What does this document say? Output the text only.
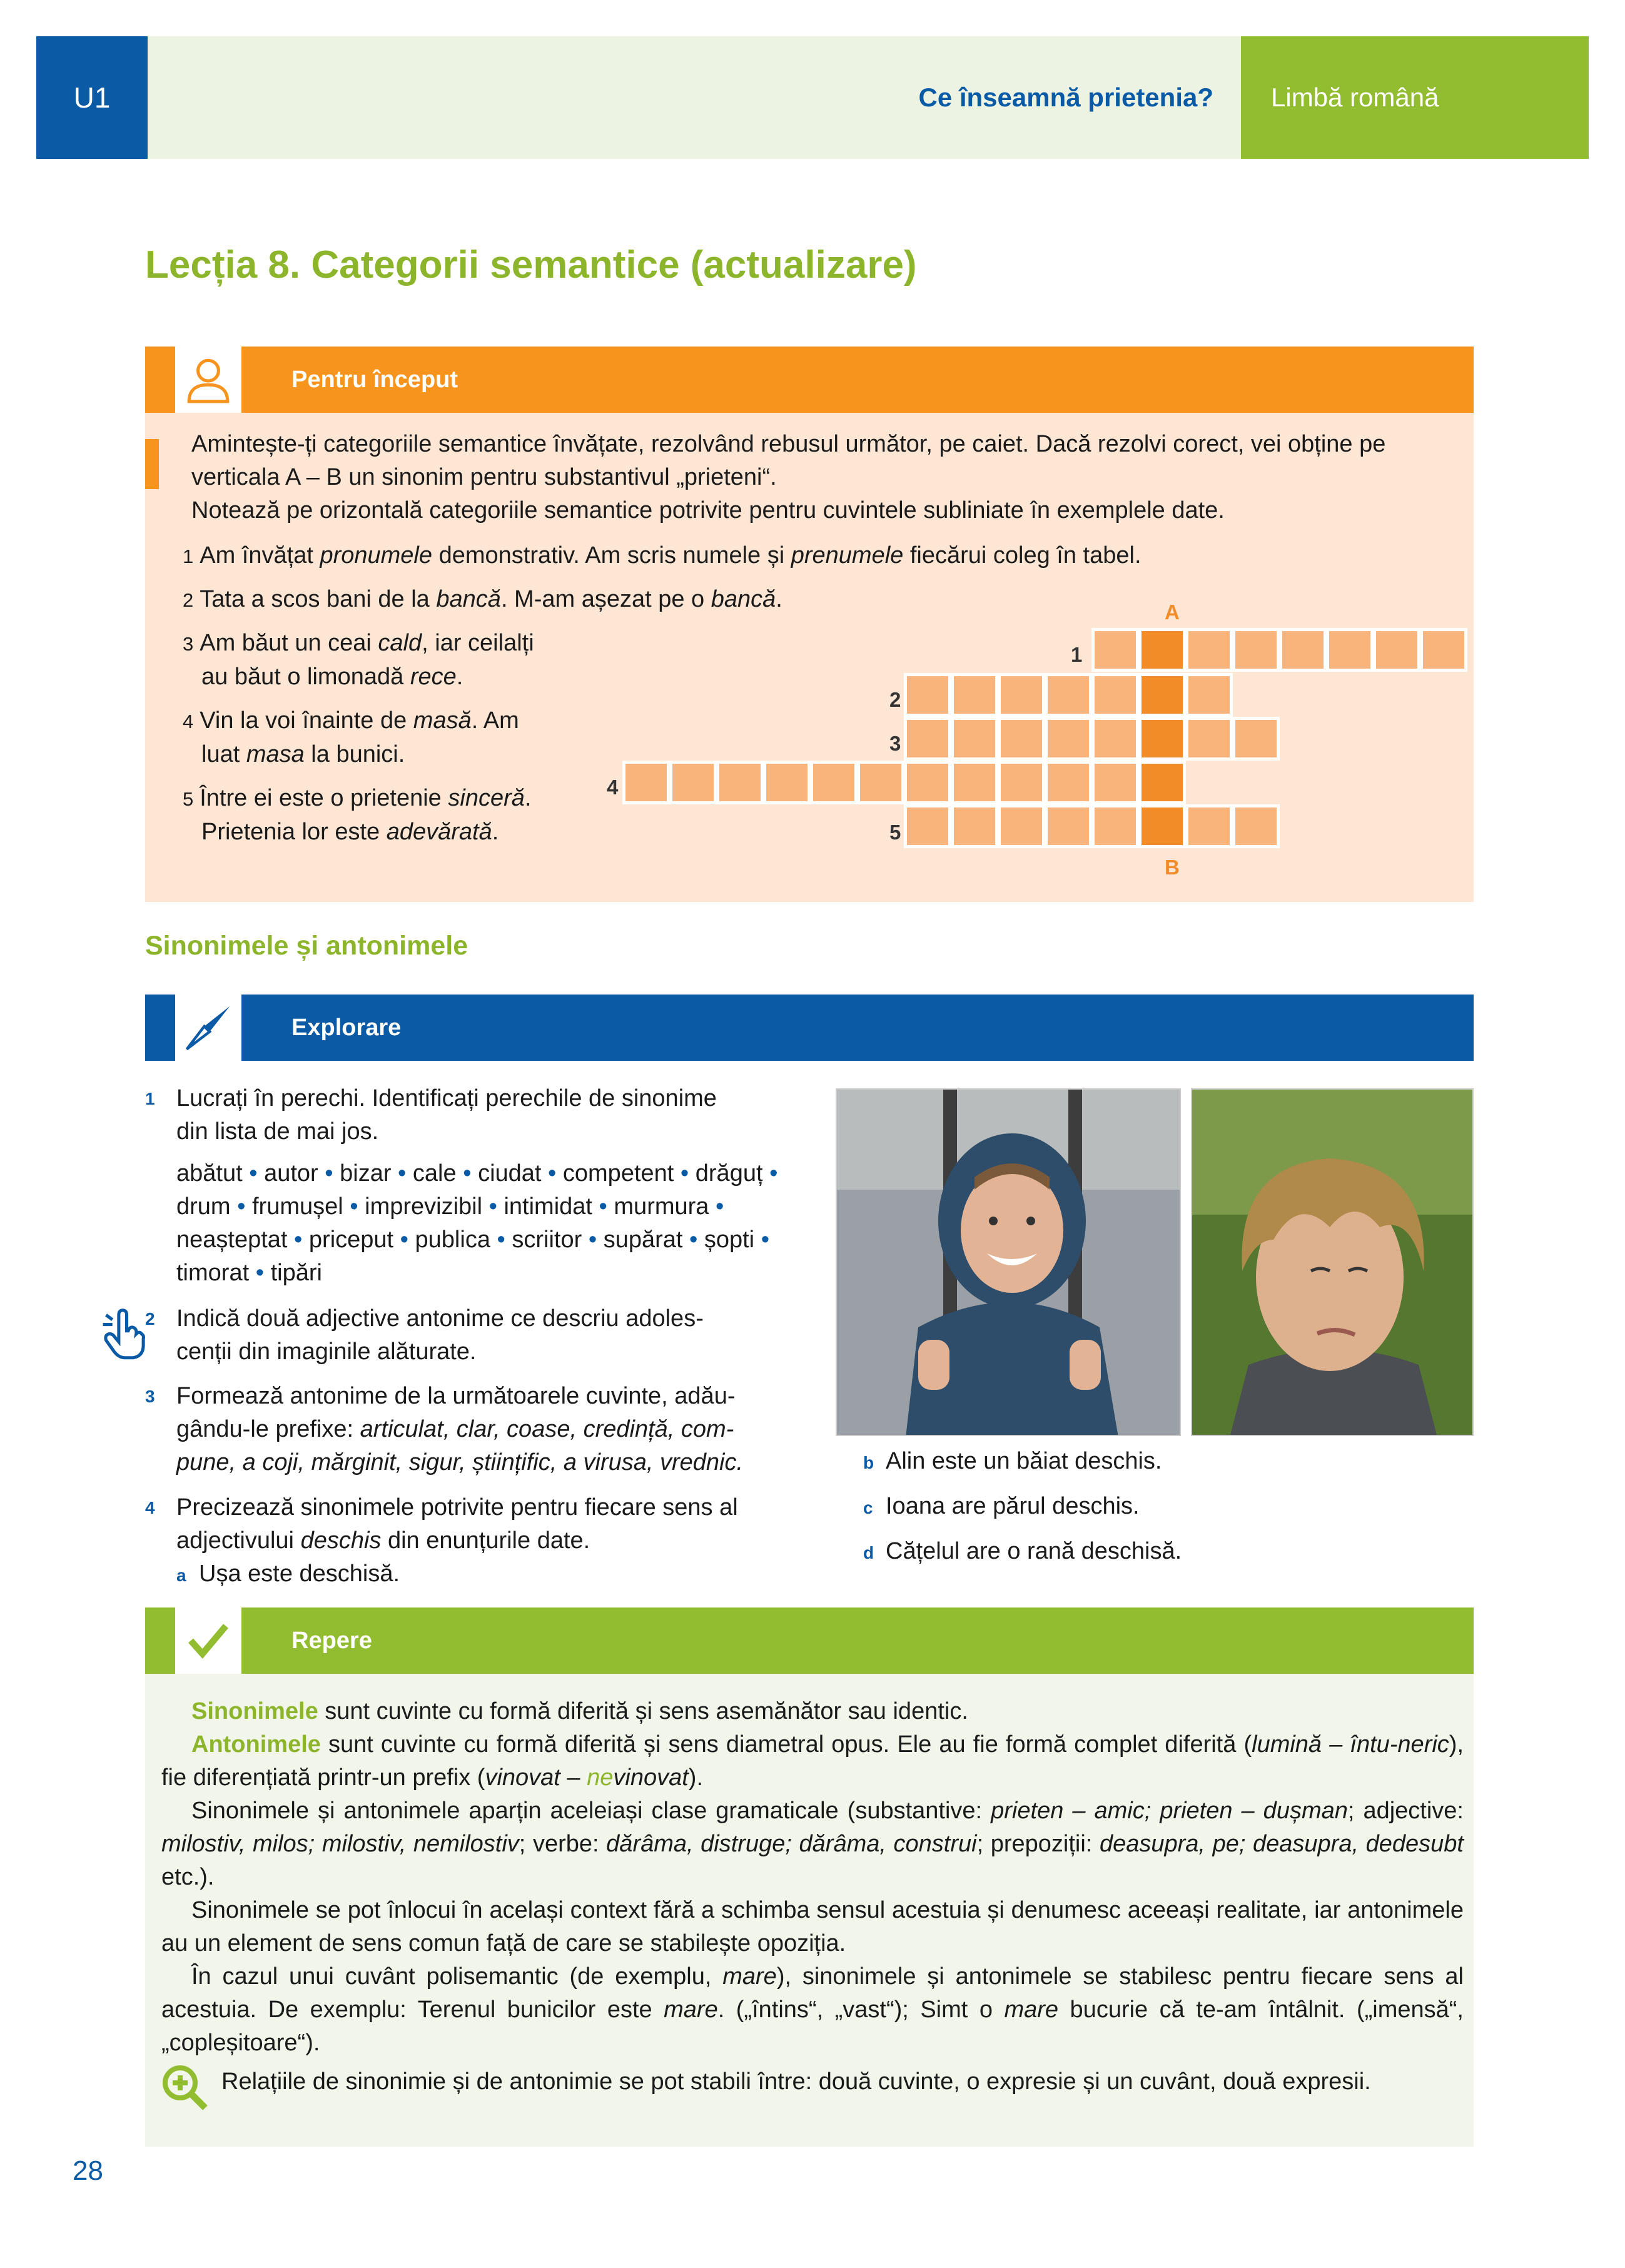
U1	Ce înseamnă prietenia? Limbă română
Lecția 8. Categorii semantice (actualizare)
Pentru început
Amintește-ți categoriile semantice învățate, rezolvând rebusul următor, pe caiet. Dacă rezolvi corect, vei obține pe verticala A – B un sinonim pentru substantivul „prieteni“.
Notează pe orizontală categoriile semantice potrivite pentru cuvintele subliniate în exemplele date.
1 Am învățat pronumele demonstrativ. Am scris numele și prenumele fiecărui coleg în tabel.
2 Tata a scos bani de la bancă. M-am așezat pe o bancă.
3 Am băut un ceai cald, iar ceilalți
au băut o limonadă rece.
4 Vin la voi înainte de masă. Am
luat masa la bunici.
5 Între ei este o prietenie sinceră.
Prietenia lor este adevărată.
A
B
1
2
3
4
5
Sinonimele și antonimele
Explorare
1 Lucrați în perechi. Identificați perechile de sinonime
din lista de mai jos.
abătut • autor • bizar • cale • ciudat • competent • drăguț • drum • frumușel • imprevizibil • intimidat • murmura • neașteptat • priceput • publica • scriitor • supărat • șopti • timorat • tipări
2 Indică două adjective antonime ce descriu adoles-
cenții din imaginile alăturate.
3 Formează antonime de la următoarele cuvinte, adău-
gându-le prefixe: articulat, clar, coase, credință, com-
pune, a coji, mărginit, sigur, științific, a virusa, vrednic.
4 Precizează sinonimele potrivite pentru fiecare sens al
adjectivului deschis din enunțurile date.
a Ușa este deschisă.
b Alin este un băiat deschis.
c Ioana are părul deschis.
d Cățelul are o rană deschisă.
Repere

Sinonimele sunt cuvinte cu formă diferită și sens asemănător sau identic.

Antonimele sunt cuvinte cu formă diferită și sens diametral opus. Ele au fie formă complet diferită (lumină – întu-neric), fie diferențiată printr-un prefix (vinovat – nevinovat).

Sinonimele și antonimele aparțin aceleiași clase gramaticale (substantive: prieten – amic; prieten – dușman; adjective: milostiv, milos; milostiv, nemilostiv; verbe: dărâma, distruge; dărâma, construi; prepoziții: deasupra, pe; deasupra, dedesubt etc.).

Sinonimele se pot înlocui în același context fără a schimba sensul acestuia și denumesc aceeași realitate, iar antonimele au un element de sens comun față de care se stabilește opoziția.

În cazul unui cuvânt polisemantic (de exemplu, mare), sinonimele și antonimele se stabilesc pentru fiecare sens al acestuia. De exemplu: Terenul bunicilor este mare. („întins“, „vast“); Simt o mare bucurie că te-am întâlnit. („imensă“, „copleșitoare“).

Relațiile de sinonimie și de antonimie se pot stabili între: două cuvinte, o expresie și un cuvânt, două expresii.
28
